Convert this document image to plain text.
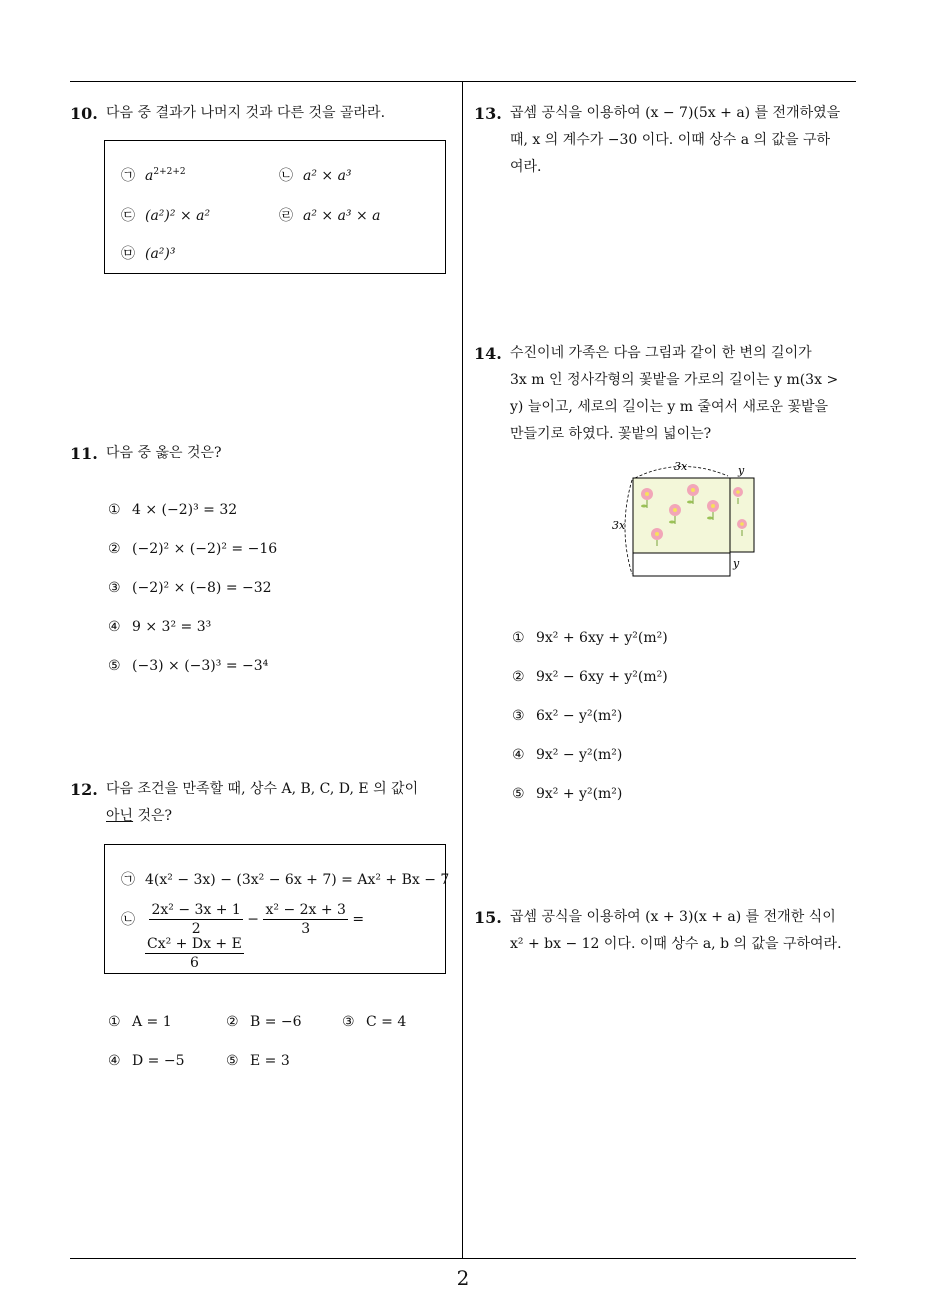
2
10. 다음 중 결과가 나머지 것과 다른 것을 골라라.
㉠ $a^{2+2+2}$	㉡ a² × a³
㉢ (a²)² × a²	㉣ a² × a³ × a
㉤ (a²)³
11. 다음 중 옳은 것은?
① 4 × (−2)³ = 32
② (−2)² × (−2)² = −16
③ (−2)² × (−8) = −32
④ 9 × 3² = 3³
⑤ (−3) × (−3)³ = −3⁴
12. 다음 조건을 만족할 때, 상수 A, B, C, D, E 의 값이
아닌 것은?
㉠ 4(x² − 3x) − (3x² − 6x + 7) = Ax² + Bx − 7
㉡ $\frac{\text{2x² − 3x + 1}}{2} - \frac{\text{x² − 2x + 3}}{3}$ =
$\frac{\text{Cx² + Dx + E}}{6}$
① A = 1	② B = −6	③ C = 4
④ D = −5	⑤ E = 3
13. 곱셈 공식을 이용하여 (x − 7)(5x + a) 를 전개하였을
때, x 의 계수가 −30 이다. 이때 상수 a 의 값을 구하
여라.
14. 수진이네 가족은 다음 그림과 같이 한 변의 길이가
3x m 인 정사각형의 꽃밭을 가로의 길이는 y m(3x >
y) 늘이고, 세로의 길이는 y m 줄여서 새로운 꽃밭을
만들기로 하였다. 꽃밭의 넓이는?
3x	y
3x
y
① 9x² + 6xy + y²(m²)
② 9x² − 6xy + y²(m²)
③ 6x² − y²(m²)
④ 9x² − y²(m²)
⑤ 9x² + y²(m²)
15. 곱셈 공식을 이용하여 (x + 3)(x + a) 를 전개한 식이
x² + bx − 12 이다. 이때 상수 a, b 의 값을 구하여라.
